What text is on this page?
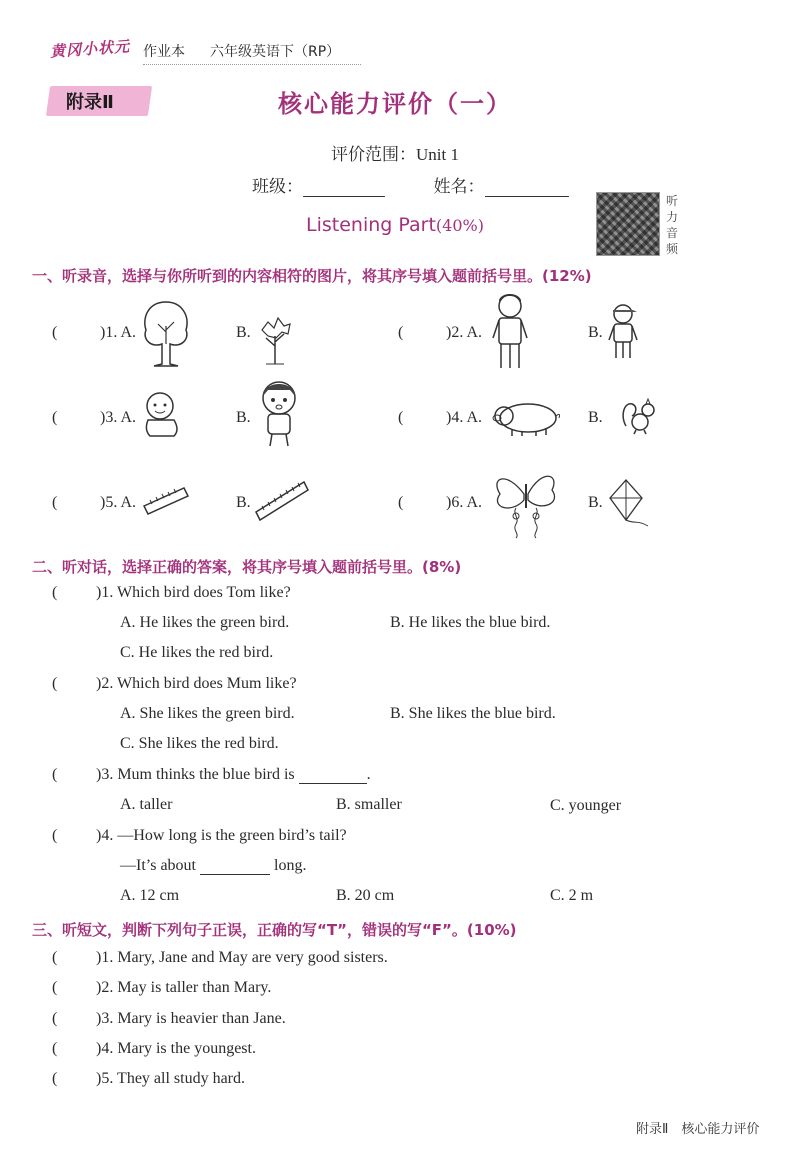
黄冈小状元 作业本 六年级英语下（RP）
附录Ⅱ	核心能力评价（一）
评价范围：Unit 1
班级：	姓名：
听力音频
Listening Part(40%)
一、听录音，选择与你所听到的内容相符的图片，将其序号填入题前括号里。(12%)
(	)1. A.	B.	(	)2. A.	B.
(	)3. A.	B.	(	)4. A.	B.
(	)5. A.	B.	(	)6. A.	B.
二、听对话，选择正确的答案，将其序号填入题前括号里。(8%)
( )1. Which bird does Tom like?
A. He likes the green bird.	B. He likes the blue bird.
C. He likes the red bird.
( )2. Which bird does Mum like?
A. She likes the green bird.	B. She likes the blue bird.
C. She likes the red bird.
( )3. Mum thinks the blue bird is	.
A. taller	B. smaller	C. younger
( )4. —How long is the green bird’s tail?
—It’s about	long.
A. 12 cm	B. 20 cm	C. 2 m
三、听短文，判断下列句子正误，正确的写“T”，错误的写“F”。(10%)
( )1. Mary, Jane and May are very good sisters.
( )2. May is taller than Mary.
( )3. Mary is heavier than Jane.
( )4. Mary is the youngest.
( )5. They all study hard.
附录Ⅱ　核心能力评价
